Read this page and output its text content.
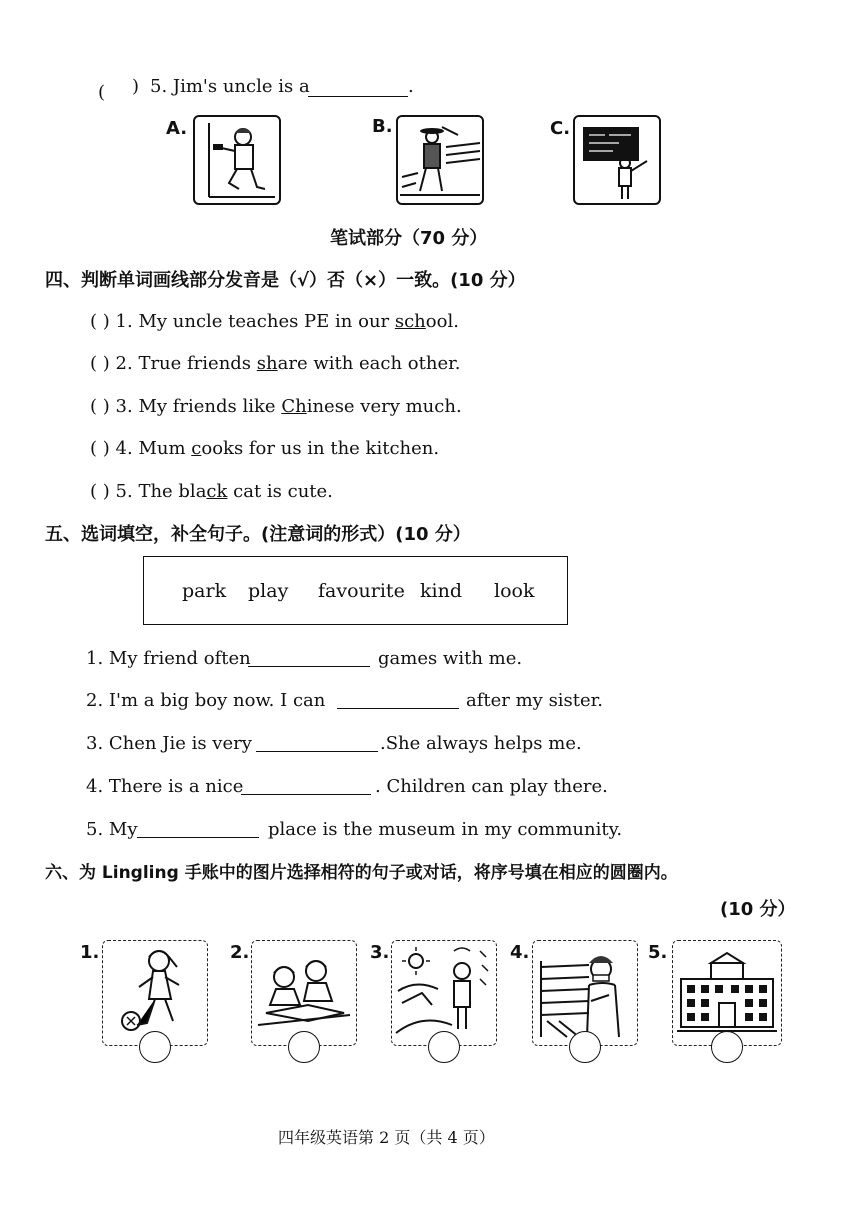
( ) 5. Jim's uncle is a	.
A.	B.	C.
笔试部分（70 分）
四、判断单词画线部分发音是（√）否（×）一致。(10 分）
( ) 1. My uncle teaches PE in our school.
( ) 2. True friends share with each other.
( ) 3. My friends like Chinese very much.
( ) 4. Mum cooks for us in the kitchen.
( ) 5. The black cat is cute.
五、选词填空，补全句子。(注意词的形式）(10 分）
park play favourite kind look
1. My friend often	games with me.
2. I'm a big boy now. I can	after my sister.
3. Chen Jie is very	.She always helps me.
4. There is a nice	. Children can play there.
5. My	place is the museum in my community.
六、为 Lingling 手账中的图片选择相符的句子或对话，将序号填在相应的圆圈内。
(10 分）
1.	2.	3.	4.	5.
四年级英语第 2 页（共 4 页）
